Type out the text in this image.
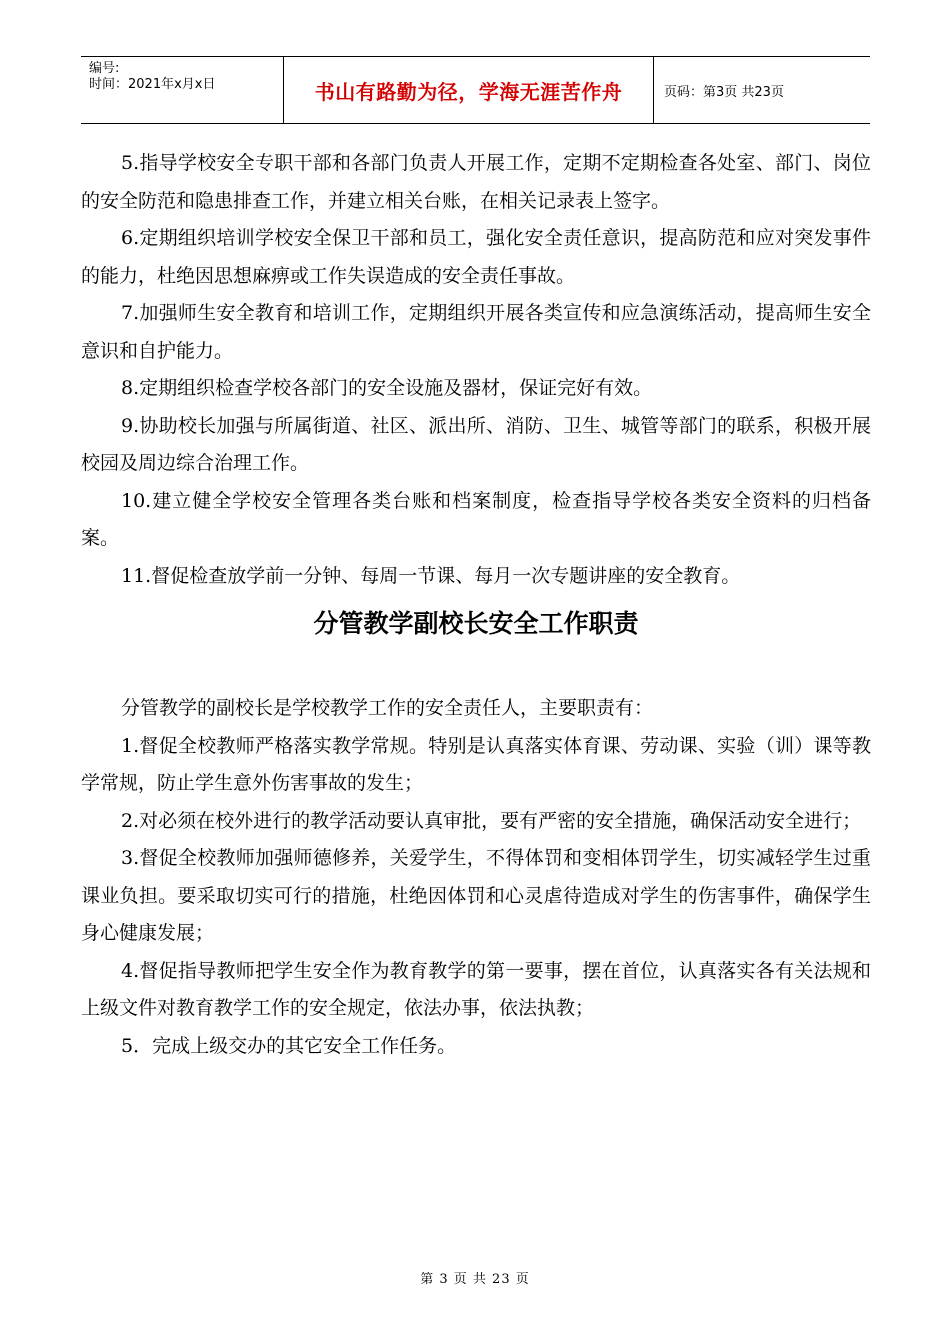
编号:
时间：2021年x月x日	书山有路勤为径，学海无涯苦作舟	页码：第3页 共23页

5.指导学校安全专职干部和各部门负责人开展工作，定期不定期检查各处室、部门、岗位的安全防范和隐患排查工作，并建立相关台账，在相关记录表上签字。

6.定期组织培训学校安全保卫干部和员工，强化安全责任意识，提高防范和应对突发事件的能力，杜绝因思想麻痹或工作失误造成的安全责任事故。

7.加强师生安全教育和培训工作，定期组织开展各类宣传和应急演练活动，提高师生安全意识和自护能力。

8.定期组织检查学校各部门的安全设施及器材，保证完好有效。

9.协助校长加强与所属街道、社区、派出所、消防、卫生、城管等部门的联系，积极开展校园及周边综合治理工作。

10.建立健全学校安全管理各类台账和档案制度，检查指导学校各类安全资料的归档备案。

11.督促检查放学前一分钟、每周一节课、每月一次专题讲座的安全教育。

分管教学副校长安全工作职责

分管教学的副校长是学校教学工作的安全责任人，主要职责有：

1.督促全校教师严格落实教学常规。特别是认真落实体育课、劳动课、实验（训）课等教学常规，防止学生意外伤害事故的发生；

2.对必须在校外进行的教学活动要认真审批，要有严密的安全措施，确保活动安全进行；

3.督促全校教师加强师德修养，关爱学生，不得体罚和变相体罚学生，切实减轻学生过重课业负担。要采取切实可行的措施，杜绝因体罚和心灵虐待造成对学生的伤害事件，确保学生身心健康发展；

4.督促指导教师把学生安全作为教育教学的第一要事，摆在首位，认真落实各有关法规和上级文件对教育教学工作的安全规定，依法办事，依法执教；

5．完成上级交办的其它安全工作任务。

第 3 页 共 23 页
